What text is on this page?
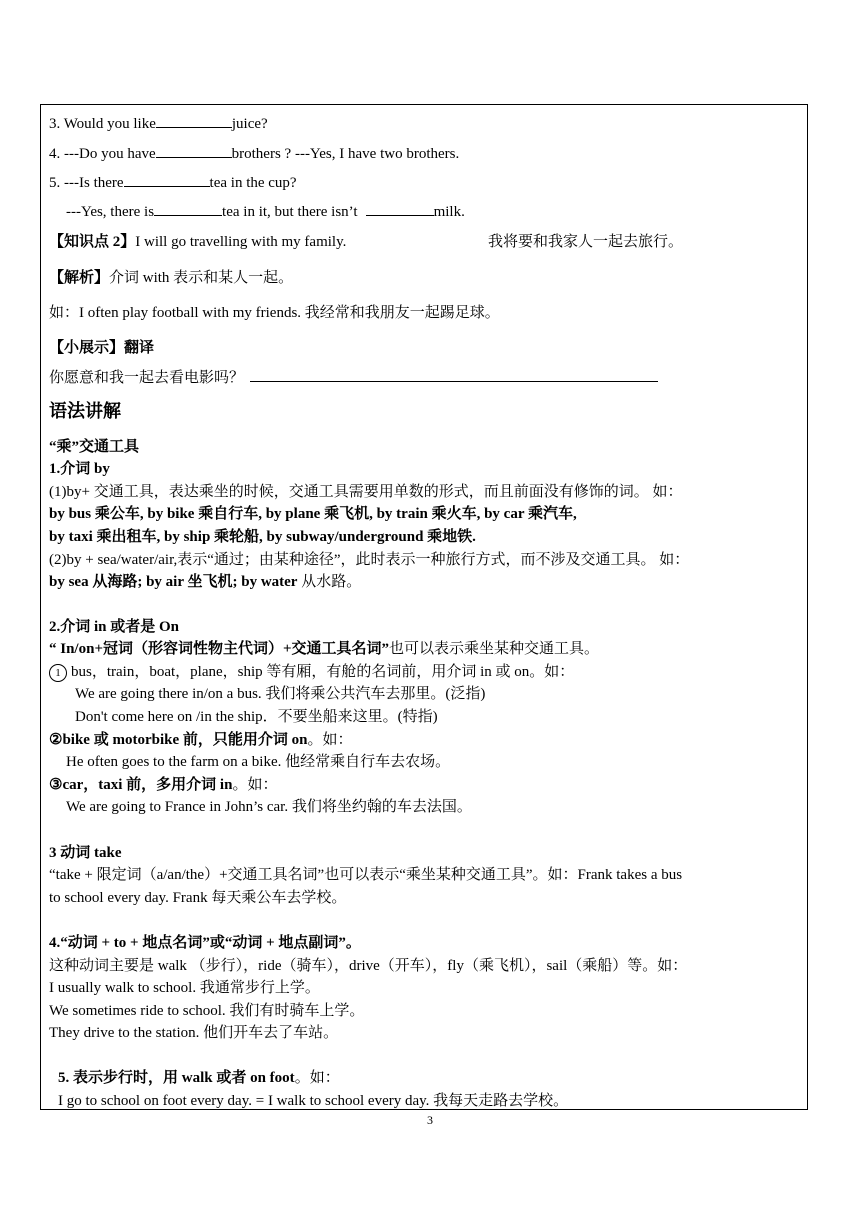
3. Would you like	juice?
4. ---Do you have	brothers ? ---Yes, I have two brothers.
5. ---Is there	tea in the cup?
---Yes, there is	tea in it, but there isn’t	milk.
【知识点 2】I will go travelling with my family.	我将要和我家人一起去旅行。
【解析】介词 with 表示和某人一起。
如：I often play football with my friends. 我经常和我朋友一起踢足球。
【小展示】翻译
你愿意和我一起去看电影吗？
语法讲解
“乘”交通工具
1.介词 by
(1)by+ 交通工具，表达乘坐的时候，交通工具需要用单数的形式，而且前面没有修饰的词。 如：
by bus 乘公车, by bike 乘自行车, by plane 乘飞机, by train 乘火车, by car 乘汽车,
by taxi 乘出租车, by ship 乘轮船, by subway/underground 乘地铁.
(2)by + sea/water/air,表示“通过；由某种途径”，此时表示一种旅行方式，而不涉及交通工具。 如：
by sea 从海路; by air 坐飞机; by water 从水路。
2.介词 in 或者是 On
“ In/on+冠词（形容词性物主代词）+交通工具名词”也可以表示乘坐某种交通工具。
1 bus，train，boat，plane，ship 等有厢，有舱的名词前，用介词 in 或 on。如：
We are going there in/on a bus. 我们将乘公共汽车去那里。(泛指)
Don't come here on /in the ship．不要坐船来这里。(特指)
②bike 或 motorbike 前，只能用介词 on。如：
He often goes to the farm on a bike. 他经常乘自行车去农场。
③car，taxi 前，多用介词 in。如：
We are going to France in John’s car. 我们将坐约翰的车去法国。
3 动词 take
“take + 限定词（a/an/the）+交通工具名词”也可以表示“乘坐某种交通工具”。如：Frank takes a bus
to school every day. Frank 每天乘公车去学校。
4.“动词 + to + 地点名词”或“动词 + 地点副词”。
这种动词主要是 walk （步行），ride（骑车），drive（开车），fly（乘飞机），sail（乘船）等。如：
I usually walk to school. 我通常步行上学。
We sometimes ride to school. 我们有时骑车上学。
They drive to the station. 他们开车去了车站。
5. 表示步行时，用 walk 或者 on foot。如：
I go to school on foot every day. = I walk to school every day. 我每天走路去学校。
3
